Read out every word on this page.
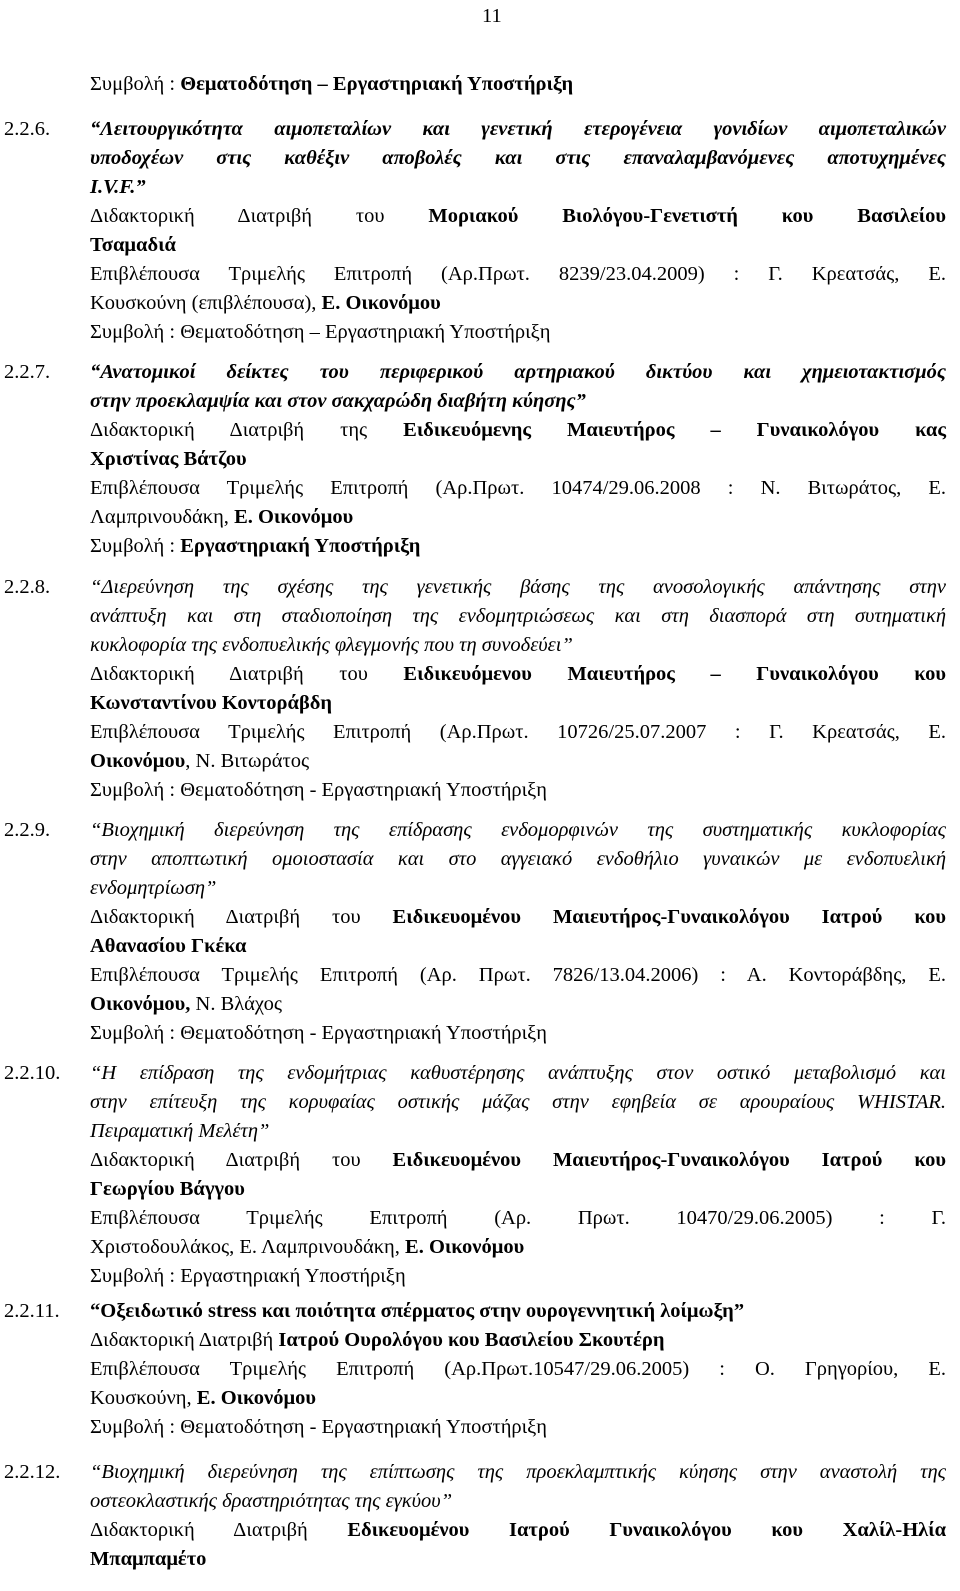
11
Συμβολή : Θεματοδότηση – Εργαστηριακή Υποστήριξη
2.2.6. “Λειτουργικότητα αιμοπεταλίων και γενετική ετερογένεια γονιδίων αιμοπεταλικών
υποδοχέων στις καθέξιν αποβολές και στις επαναλαμβανόμενες αποτυχημένες
I.V.F.”
Διδακτορική Διατριβή του Μοριακού Βιολόγου-Γενετιστή κου Βασιλείου
Τσαμαδιά
Επιβλέπουσα Τριμελής Επιτροπή (Αρ.Πρωτ. 8239/23.04.2009) : Γ. Κρεατσάς, Ε.
Κουσκούνη (επιβλέπουσα), Ε. Οικονόμου
Συμβολή : Θεματοδότηση – Εργαστηριακή Υποστήριξη
2.2.7. “Ανατομικοί δείκτες του περιφερικού αρτηριακού δικτύου και χημειοτακτισμός
στην προεκλαμψία και στον σακχαρώδη διαβήτη κύησης”
Διδακτορική Διατριβή της Ειδικευόμενης Μαιευτήρος – Γυναικολόγου κας
Χριστίνας Βάτζου
Επιβλέπουσα Τριμελής Επιτροπή (Αρ.Πρωτ. 10474/29.06.2008 : Ν. Βιτωράτος, Ε.
Λαμπρινουδάκη, Ε. Οικονόμου
Συμβολή : Εργαστηριακή Υποστήριξη
2.2.8. “Διερεύνηση της σχέσης της γενετικής βάσης της ανοσολογικής απάντησης στην
ανάπτυξη και στη σταδιοποίηση της ενδομητριώσεως και στη διασπορά στη συτηματική
κυκλοφορία της ενδοπυελικής φλεγμονής που τη συνοδεύει”
Διδακτορική Διατριβή του Ειδικευόμενου Μαιευτήρος – Γυναικολόγου κου
Κωνσταντίνου Κοντοράβδη
Επιβλέπουσα Τριμελής Επιτροπή (Αρ.Πρωτ. 10726/25.07.2007 : Γ. Κρεατσάς, Ε.
Οικονόμου, Ν. Βιτωράτος
Συμβολή : Θεματοδότηση - Εργαστηριακή Υποστήριξη
2.2.9. “Βιοχημική διερεύνηση της επίδρασης ενδομορφινών της συστηματικής κυκλοφορίας
στην αποπτωτική ομοιοστασία και στο αγγειακό ενδοθήλιο γυναικών με ενδοπυελική
ενδομητρίωση”
Διδακτορική Διατριβή του Ειδικευομένου Μαιευτήρος-Γυναικολόγου Ιατρού κου
Αθανασίου Γκέκα
Επιβλέπουσα Τριμελής Επιτροπή (Αρ. Πρωτ. 7826/13.04.2006) : Α. Κοντοράβδης, Ε.
Οικονόμου, Ν. Βλάχος
Συμβολή : Θεματοδότηση - Εργαστηριακή Υποστήριξη
2.2.10. “Η επίδραση της ενδομήτριας καθυστέρησης ανάπτυξης στον οστικό μεταβολισμό και
στην επίτευξη της κορυφαίας οστικής μάζας στην εφηβεία σε αρουραίους WHISTAR.
Πειραματική Μελέτη”
Διδακτορική Διατριβή του Ειδικευομένου Μαιευτήρος-Γυναικολόγου Ιατρού κου
Γεωργίου Βάγγου
Επιβλέπουσα Τριμελής Επιτροπή (Αρ. Πρωτ. 10470/29.06.2005) : Γ.
Χριστοδουλάκος, Ε. Λαμπρινουδάκη, Ε. Οικονόμου
Συμβολή : Εργαστηριακή Υποστήριξη
2.2.11. “Οξειδωτικό stress και ποιότητα σπέρματος στην ουρογεννητική λοίμωξη”
Διδακτορική Διατριβή Ιατρού Ουρολόγου κου Βασιλείου Σκουτέρη
Επιβλέπουσα Τριμελής Επιτροπή (Αρ.Πρωτ.10547/29.06.2005) : Ο. Γρηγορίου, Ε.
Κουσκούνη, Ε. Οικονόμου
Συμβολή : Θεματοδότηση - Εργαστηριακή Υποστήριξη
2.2.12. “Βιοχημική διερεύνηση της επίπτωσης της προεκλαμπτικής κύησης στην αναστολή της
οστεοκλαστικής δραστηριότητας της εγκύου”
Διδακτορική Διατριβή Εδικευομένου Ιατρού Γυναικολόγου κου Χαλίλ-Ηλία
Μπαμπαμέτο
